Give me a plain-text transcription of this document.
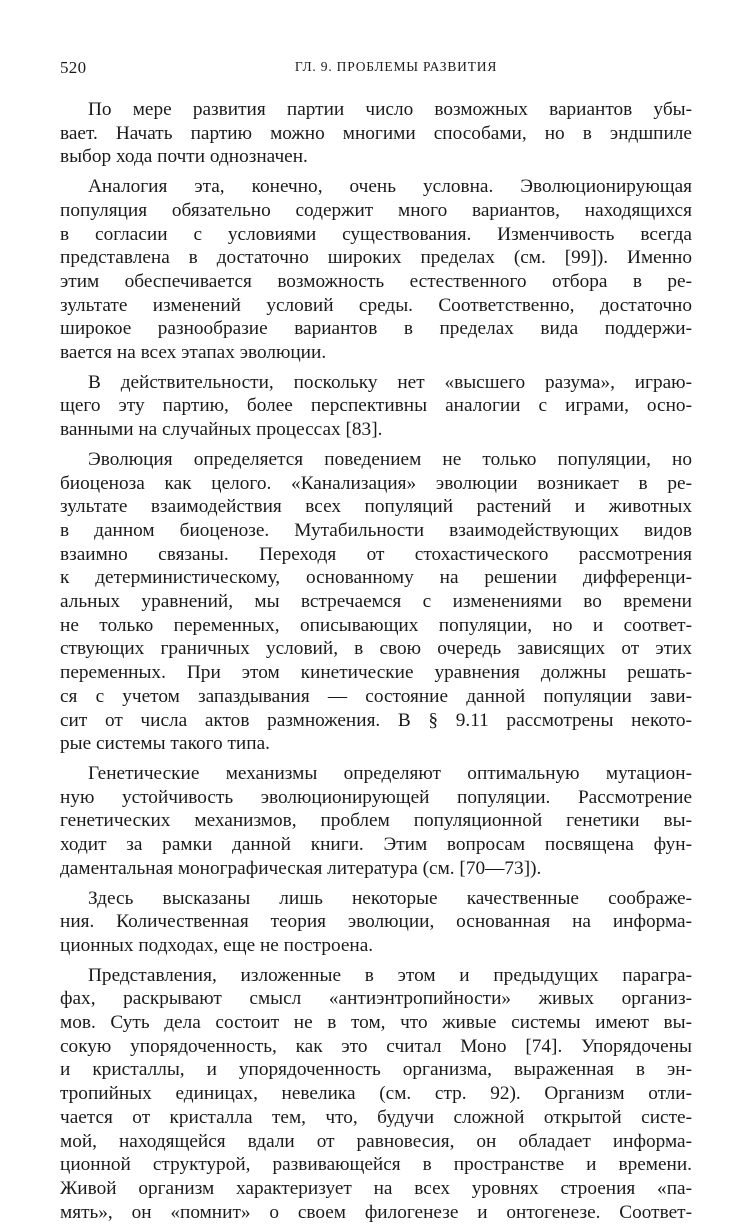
520	ГЛ. 9. ПРОБЛЕМЫ РАЗВИТИЯ
По мере развития партии число возможных вариантов убы-
вает. Начать партию можно многими способами, но в эндшпиле
выбор хода почти однозначен.
Аналогия эта, конечно, очень условна. Эволюционирующая
популяция обязательно содержит много вариантов, находящихся
в согласии с условиями существования. Изменчивость всегда
представлена в достаточно широких пределах (см. [99]). Именно
этим обеспечивается возможность естественного отбора в ре-
зультате изменений условий среды. Соответственно, достаточно
широкое разнообразие вариантов в пределах вида поддержи-
вается на всех этапах эволюции.
В действительности, поскольку нет «высшего разума», играю-
щего эту партию, более перспективны аналогии с играми, осно-
ванными на случайных процессах [83].
Эволюция определяется поведением не только популяции, но
биоценоза как целого. «Канализация» эволюции возникает в ре-
зультате взаимодействия всех популяций растений и животных
в данном биоценозе. Мутабильности взаимодействующих видов
взаимно связаны. Переходя от стохастического рассмотрения
к детерминистическому, основанному на решении дифференци-
альных уравнений, мы встречаемся с изменениями во времени
не только переменных, описывающих популяции, но и соответ-
ствующих граничных условий, в свою очередь зависящих от этих
переменных. При этом кинетические уравнения должны решать-
ся с учетом запаздывания — состояние данной популяции зави-
сит от числа актов размножения. В § 9.11 рассмотрены некото-
рые системы такого типа.
Генетические механизмы определяют оптимальную мутацион-
ную устойчивость эволюционирующей популяции. Рассмотрение
генетических механизмов, проблем популяционной генетики вы-
ходит за рамки данной книги. Этим вопросам посвящена фун-
даментальная монографическая литература (см. [70—73]).
Здесь высказаны лишь некоторые качественные соображе-
ния. Количественная теория эволюции, основанная на информа-
ционных подходах, еще не построена.
Представления, изложенные в этом и предыдущих парагра-
фах, раскрывают смысл «антиэнтропийности» живых организ-
мов. Суть дела состоит не в том, что живые системы имеют вы-
сокую упорядоченность, как это считал Моно [74]. Упорядочены
и кристаллы, и упорядоченность организма, выраженная в эн-
тропийных единицах, невелика (см. стр. 92). Организм отли-
чается от кристалла тем, что, будучи сложной открытой систе-
мой, находящейся вдали от равновесия, он обладает информа-
ционной структурой, развивающейся в пространстве и времени.
Живой организм характеризует на всех уровнях строения «па-
мять», он «помнит» о своем филогенезе и онтогенезе. Соответ-
